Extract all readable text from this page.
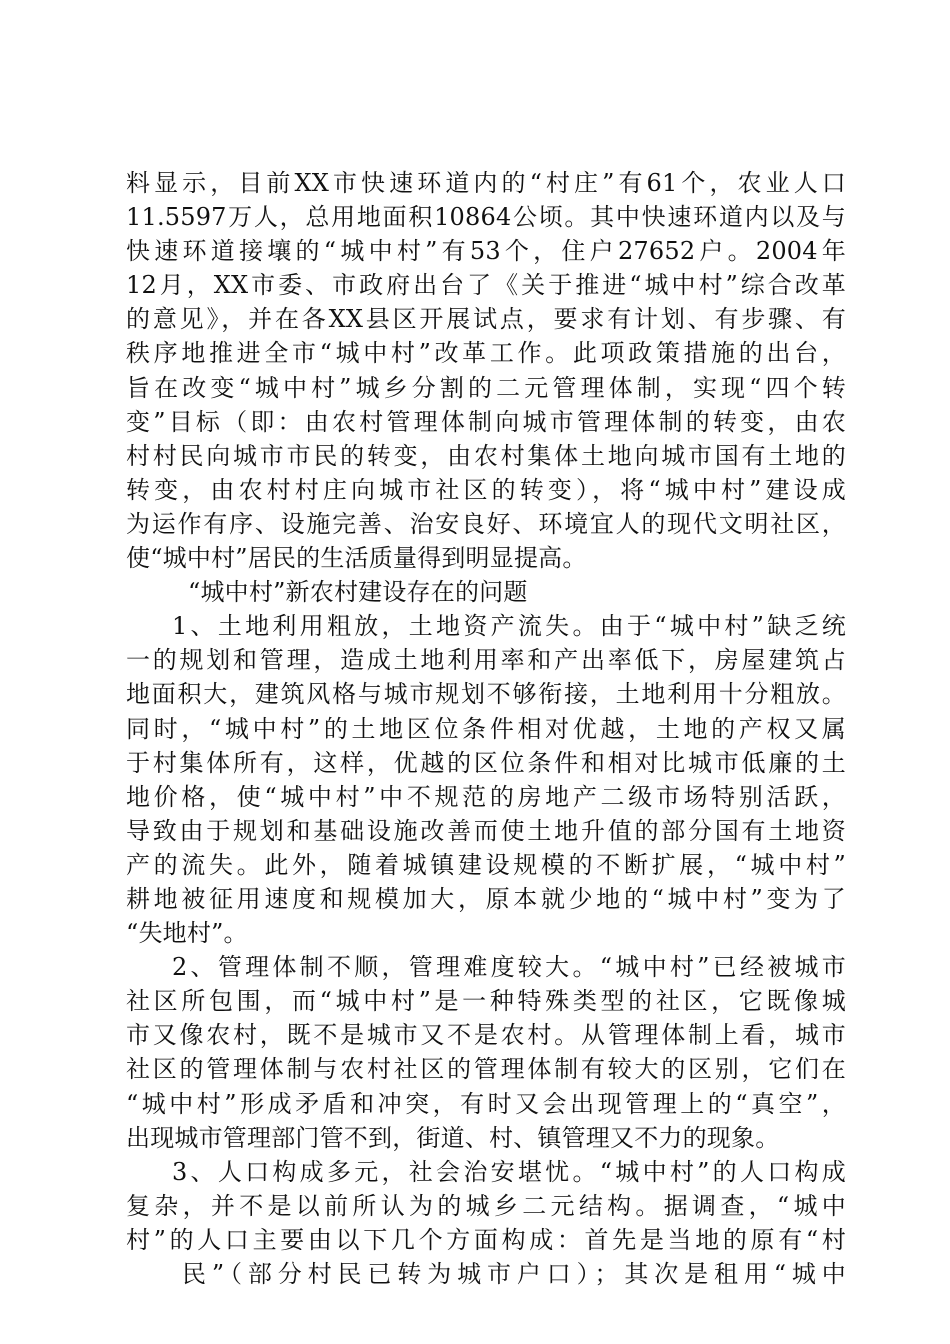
料显示，目前XX市快速环道内的“村庄”有61个，农业人口
11.5597万人，总用地面积10864公顷。其中快速环道内以及与
快速环道接壤的“城中村”有53个，住户27652户。2004年
12月，XX市委、市政府出台了《关于推进“城中村”综合改革
的意见》，并在各XX县区开展试点，要求有计划、有步骤、有
秩序地推进全市“城中村”改革工作。此项政策措施的出台，
旨在改变“城中村”城乡分割的二元管理体制，实现“四个转
变”目标（即：由农村管理体制向城市管理体制的转变，由农
村村民向城市市民的转变，由农村集体土地向城市国有土地的
转变，由农村村庄向城市社区的转变），将“城中村”建设成
为运作有序、设施完善、治安良好、环境宜人的现代文明社区，
使“城中村”居民的生活质量得到明显提高。
“城中村”新农村建设存在的问题
1、土地利用粗放，土地资产流失。由于“城中村”缺乏统
一的规划和管理，造成土地利用率和产出率低下，房屋建筑占
地面积大，建筑风格与城市规划不够衔接，土地利用十分粗放。
同时，“城中村”的土地区位条件相对优越，土地的产权又属
于村集体所有，这样，优越的区位条件和相对比城市低廉的土
地价格，使“城中村”中不规范的房地产二级市场特别活跃，
导致由于规划和基础设施改善而使土地升值的部分国有土地资
产的流失。此外，随着城镇建设规模的不断扩展，“城中村”
耕地被征用速度和规模加大，原本就少地的“城中村”变为了
“失地村”。
2、管理体制不顺，管理难度较大。“城中村”已经被城市
社区所包围，而“城中村”是一种特殊类型的社区，它既像城
市又像农村，既不是城市又不是农村。从管理体制上看，城市
社区的管理体制与农村社区的管理体制有较大的区别，它们在
“城中村”形成矛盾和冲突，有时又会出现管理上的“真空”，
出现城市管理部门管不到，街道、村、镇管理又不力的现象。
3、人口构成多元，社会治安堪忧。“城中村”的人口构成
复杂，并不是以前所认为的城乡二元结构。据调查，“城中
村”的人口主要由以下几个方面构成：首先是当地的原有“村
民”（部分村民已转为城市户口）；其次是租用“城中
